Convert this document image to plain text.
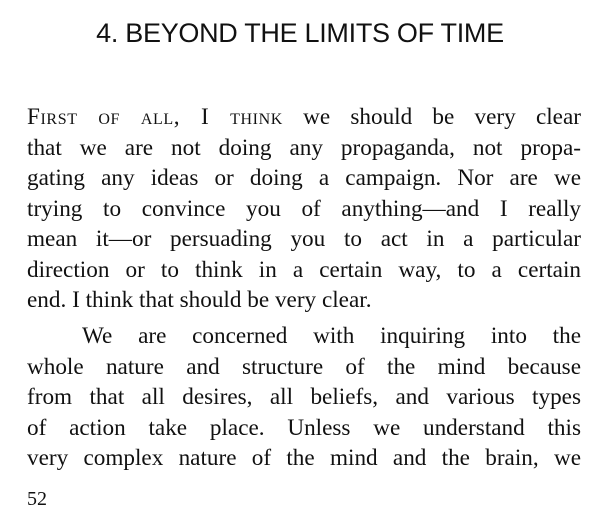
4. BEYOND THE LIMITS OF TIME
First of all, I think we should be very clear
that we are not doing any propaganda, not propa-
gating any ideas or doing a campaign. Nor are we
trying to convince you of anything—and I really
mean it—or persuading you to act in a particular
direction or to think in a certain way, to a certain
end. I think that should be very clear.
We are concerned with inquiring into the
whole nature and structure of the mind because
from that all desires, all beliefs, and various types
of action take place. Unless we understand this
very complex nature of the mind and the brain, we
52
